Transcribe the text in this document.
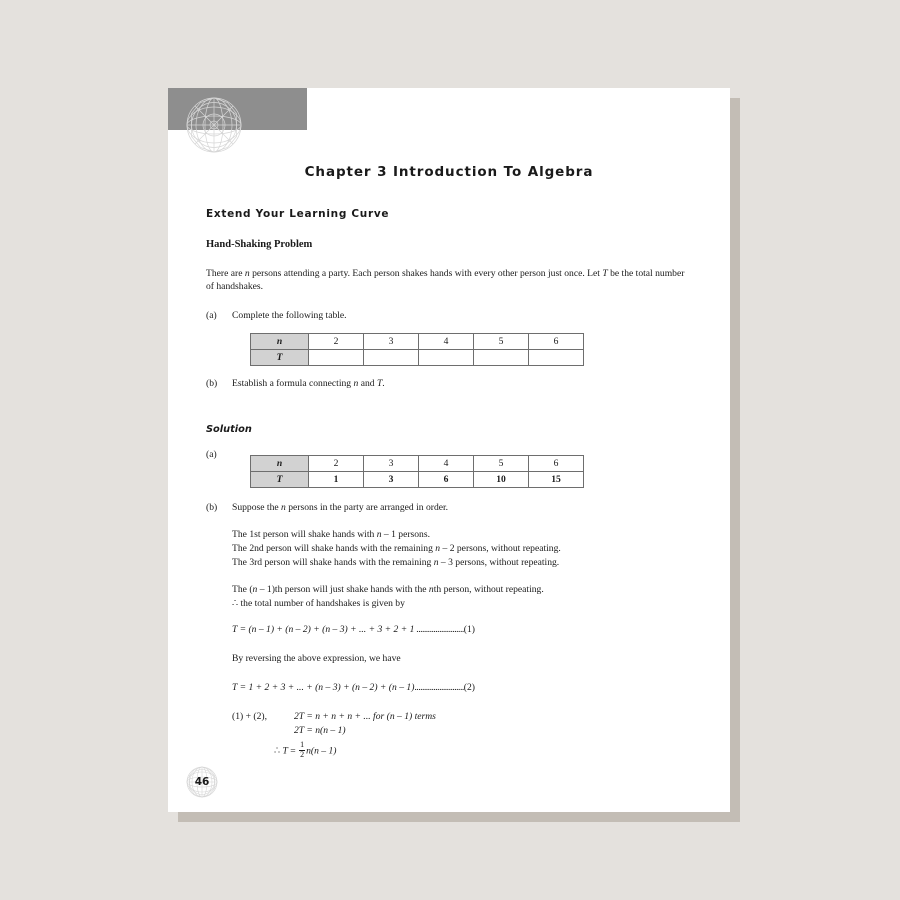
Chapter 3 Introduction To Algebra
Extend Your Learning Curve
Hand-Shaking Problem

There are n persons attending a party. Each person shakes hands with every other person just once. Let T be the total number of handshakes.

(a)	Complete the following table.
n	2	3	4	5	6
T					
(b)	Establish a formula connecting n and T.
Solution
(a)
n	2	3	4	5	6
T	1	3	6	10	15
(b)	Suppose the n persons in the party are arranged in order.
The 1st person will shake hands with n – 1 persons.
The 2nd person will shake hands with the remaining n – 2 persons, without repeating.
The 3rd person will shake hands with the remaining n – 3 persons, without repeating.
The (n – 1)th person will just shake hands with the nth person, without repeating.
∴ the total number of handshakes is given by
T = (n – 1) + (n – 2) + (n – 3) + ... + 3 + 2 + 1 .........................(1)
By reversing the above expression, we have
T = 1 + 2 + 3 + ... + (n – 3) + (n – 2) + (n – 1)..........................(2)
(1) + (2),	2T = n + n + n + ... for (n – 1) terms
2T = n(n – 1)
∴ $T = \frac{1}{2} n(n - 1)$
46
